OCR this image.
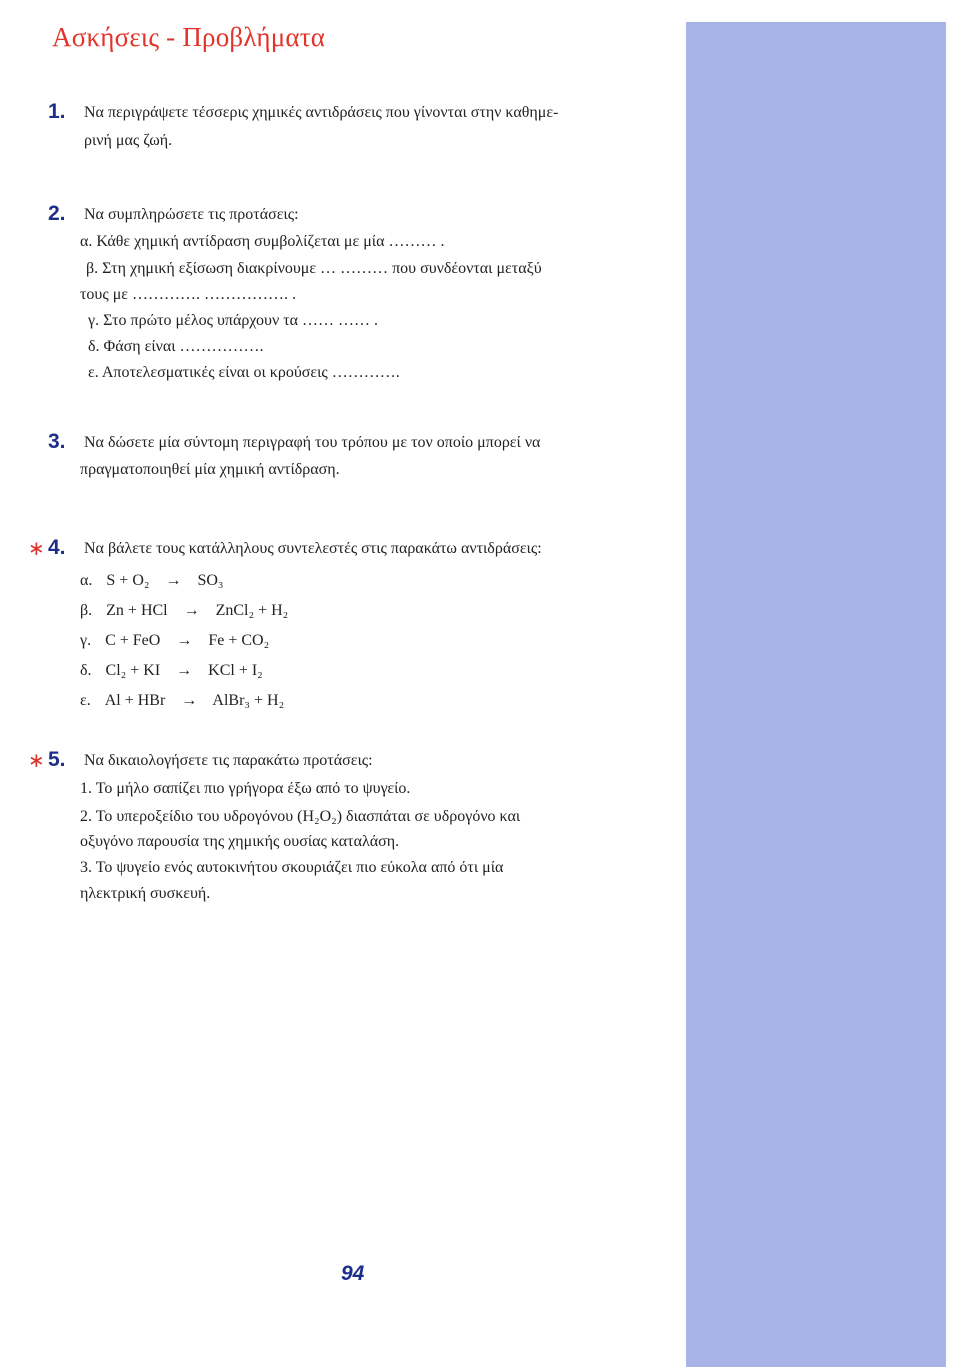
Ασκήσεις - Προβλήματα
1. Να περιγράψετε τέσσερις χημικές αντιδράσεις που γίνονται στην καθημε-
ρινή μας ζωή.
2. Να συμπληρώσετε τις προτάσεις:
α. Κάθε χημική αντίδραση συμβολίζεται με μία ……… .
β. Στη χημική εξίσωση διακρίνουμε … ……… που συνδέονται μεταξύ
τους με …………. ……………. .
γ. Στο πρώτο μέλος υπάρχουν τα …… …… .
δ. Φάση είναι …………….
ε. Αποτελεσματικές είναι οι κρούσεις ………….
3. Να δώσετε μία σύντομη περιγραφή του τρόπου με τον οποίο μπορεί να
πραγματοποιηθεί μία χημική αντίδραση.
∗ 4. Να βάλετε τους κατάλληλους συντελεστές στις παρακάτω αντιδράσεις:
α. S + O₂ → SO₃
β. Zn + HCl → ZnCl₂ + H₂
γ. C + FeO → Fe + CO₂
δ. Cl₂ + KI → KCl + I₂
ε. Al + HBr → AlBr₃ + H₂
∗ 5. Να δικαιολογήσετε τις παρακάτω προτάσεις:
1. Το μήλο σαπίζει πιο γρήγορα έξω από το ψυγείο.
2. Το υπεροξείδιο του υδρογόνου (H₂O₂) διασπάται σε υδρογόνο και
οξυγόνο παρουσία της χημικής ουσίας καταλάση.
3. Το ψυγείο ενός αυτοκινήτου σκουριάζει πιο εύκολα από ότι μία
ηλεκτρική συσκευή.
94
